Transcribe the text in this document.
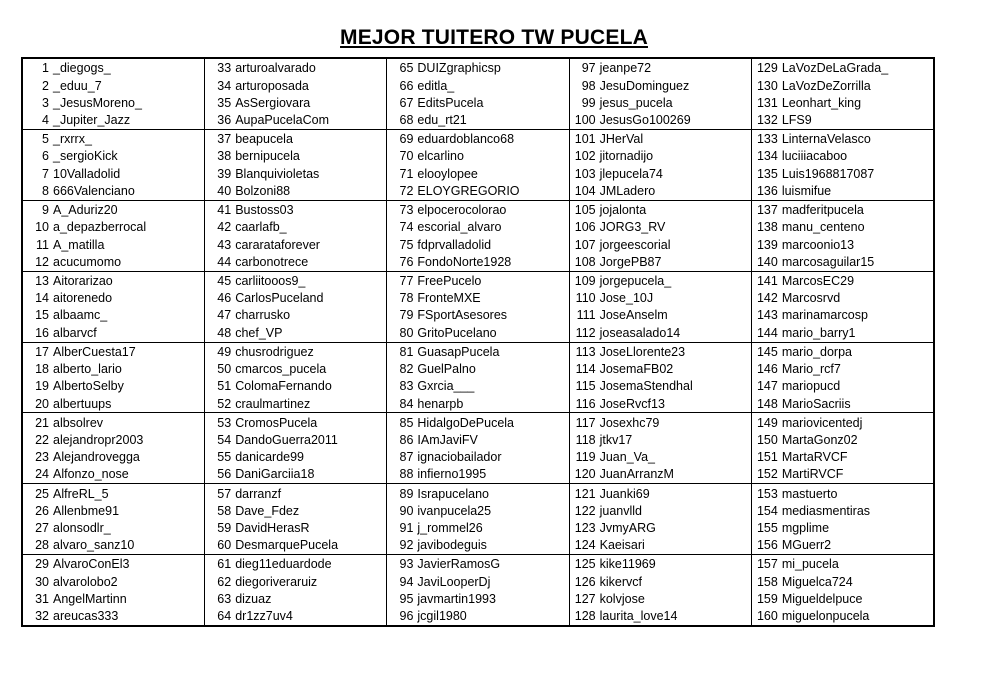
MEJOR TUITERO TW PUCELA
1 _diegogs_
2 _eduu_7
3 _JesusMoreno_
4 _Jupiter_Jazz
5 _rxrrx_
6 _sergioKick
7 10Valladolid
8 666Valenciano
9 A_Aduriz20
10 a_depazberrocal
11 A_matilla
12 acucumomo
13 Aitorarizao
14 aitorenedo
15 albaamc_
16 albarvcf
17 AlberCuesta17
18 alberto_lario
19 AlbertoSelby
20 albertuups
21 albsolrev
22 alejandropr2003
23 Alejandrovegga
24 Alfonzo_nose
25 AlfreRL_5
26 Allenbme91
27 alonsodlr_
28 alvaro_sanz10
29 AlvaroConEl3
30 alvarolobo2
31 AngelMartinn
32 areucas333
33 arturoalvarado
34 arturoposada
35 AsSergiovara
36 AupaPucelaCom
37 beapucela
38 bernipucela
39 Blanquivioletas
40 Bolzoni88
41 Bustoss03
42 caarlafb_
43 cararataforever
44 carbonotrece
45 carliitooos9_
46 CarlosPuceland
47 charrusko
48 chef_VP
49 chusrodriguez
50 cmarcos_pucela
51 ColomaFernando
52 craulmartinez
53 CromosPucela
54 DandoGuerra2011
55 danicarde99
56 DaniGarciia18
57 darranzf
58 Dave_Fdez
59 DavidHerasR
60 DesmarquePucela
61 dieg11eduardode
62 diegoriveraruiz
63 dizuaz
64 dr1zz7uv4
65 DUIZgraphicsp
66 editla_
67 EditsPucela
68 edu_rt21
69 eduardoblanco68
70 elcarlino
71 elooylopee
72 ELOYGREGORIO
73 elpocerocolorao
74 escorial_alvaro
75 fdprvalladolid
76 FondoNorte1928
77 FreePucelo
78 FronteMXE
79 FSportAsesores
80 GritoPucelano
81 GuasapPucela
82 GuelPalno
83 Gxrcia___
84 henarpb
85 HidalgoDePucela
86 IAmJaviFV
87 ignaciobailador
88 infierno1995
89 Israpucelano
90 ivanpucela25
91 j_rommel26
92 javibodeguis
93 JavierRamosG
94 JaviLooperDj
95 javmartin1993
96 jcgil1980
97 jeanpe72
98 JesuDominguez
99 jesus_pucela
100 JesusGo100269
101 JHerVal
102 jitornadijo
103 jlepucela74
104 JMLadero
105 jojalonta
106 JORG3_RV
107 jorgeescorial
108 JorgePB87
109 jorgepucela_
110 Jose_10J
111 JoseAnselm
112 joseasalado14
113 JoseLlorente23
114 JosemaFB02
115 JosemaStendhal
116 JoseRvcf13
117 Josexhc79
118 jtkv17
119 Juan_Va_
120 JuanArranzM
121 Juanki69
122 juanvlld
123 JvmyARG
124 Kaeisari
125 kike11969
126 kikervcf
127 kolvjose
128 laurita_love14
129 LaVozDeLaGrada_
130 LaVozDeZorrilla
131 Leonhart_king
132 LFS9
133 LinternaVelasco
134 luciiiacaboo
135 Luis1968817087
136 luismifue
137 madferitpucela
138 manu_centeno
139 marcoonio13
140 marcosaguilar15
141 MarcosEC29
142 Marcosrvd
143 marinamarcosp
144 mario_barry1
145 mario_dorpa
146 Mario_rcf7
147 mariopucd
148 MarioSacriis
149 mariovicentedj
150 MartaGonz02
151 MartaRVCF
152 MartiRVCF
153 mastuerto
154 mediasmentiras
155 mgplime
156 MGuerr2
157 mi_pucela
158 Miguelca724
159 Migueldelpuce
160 miguelonpucela
